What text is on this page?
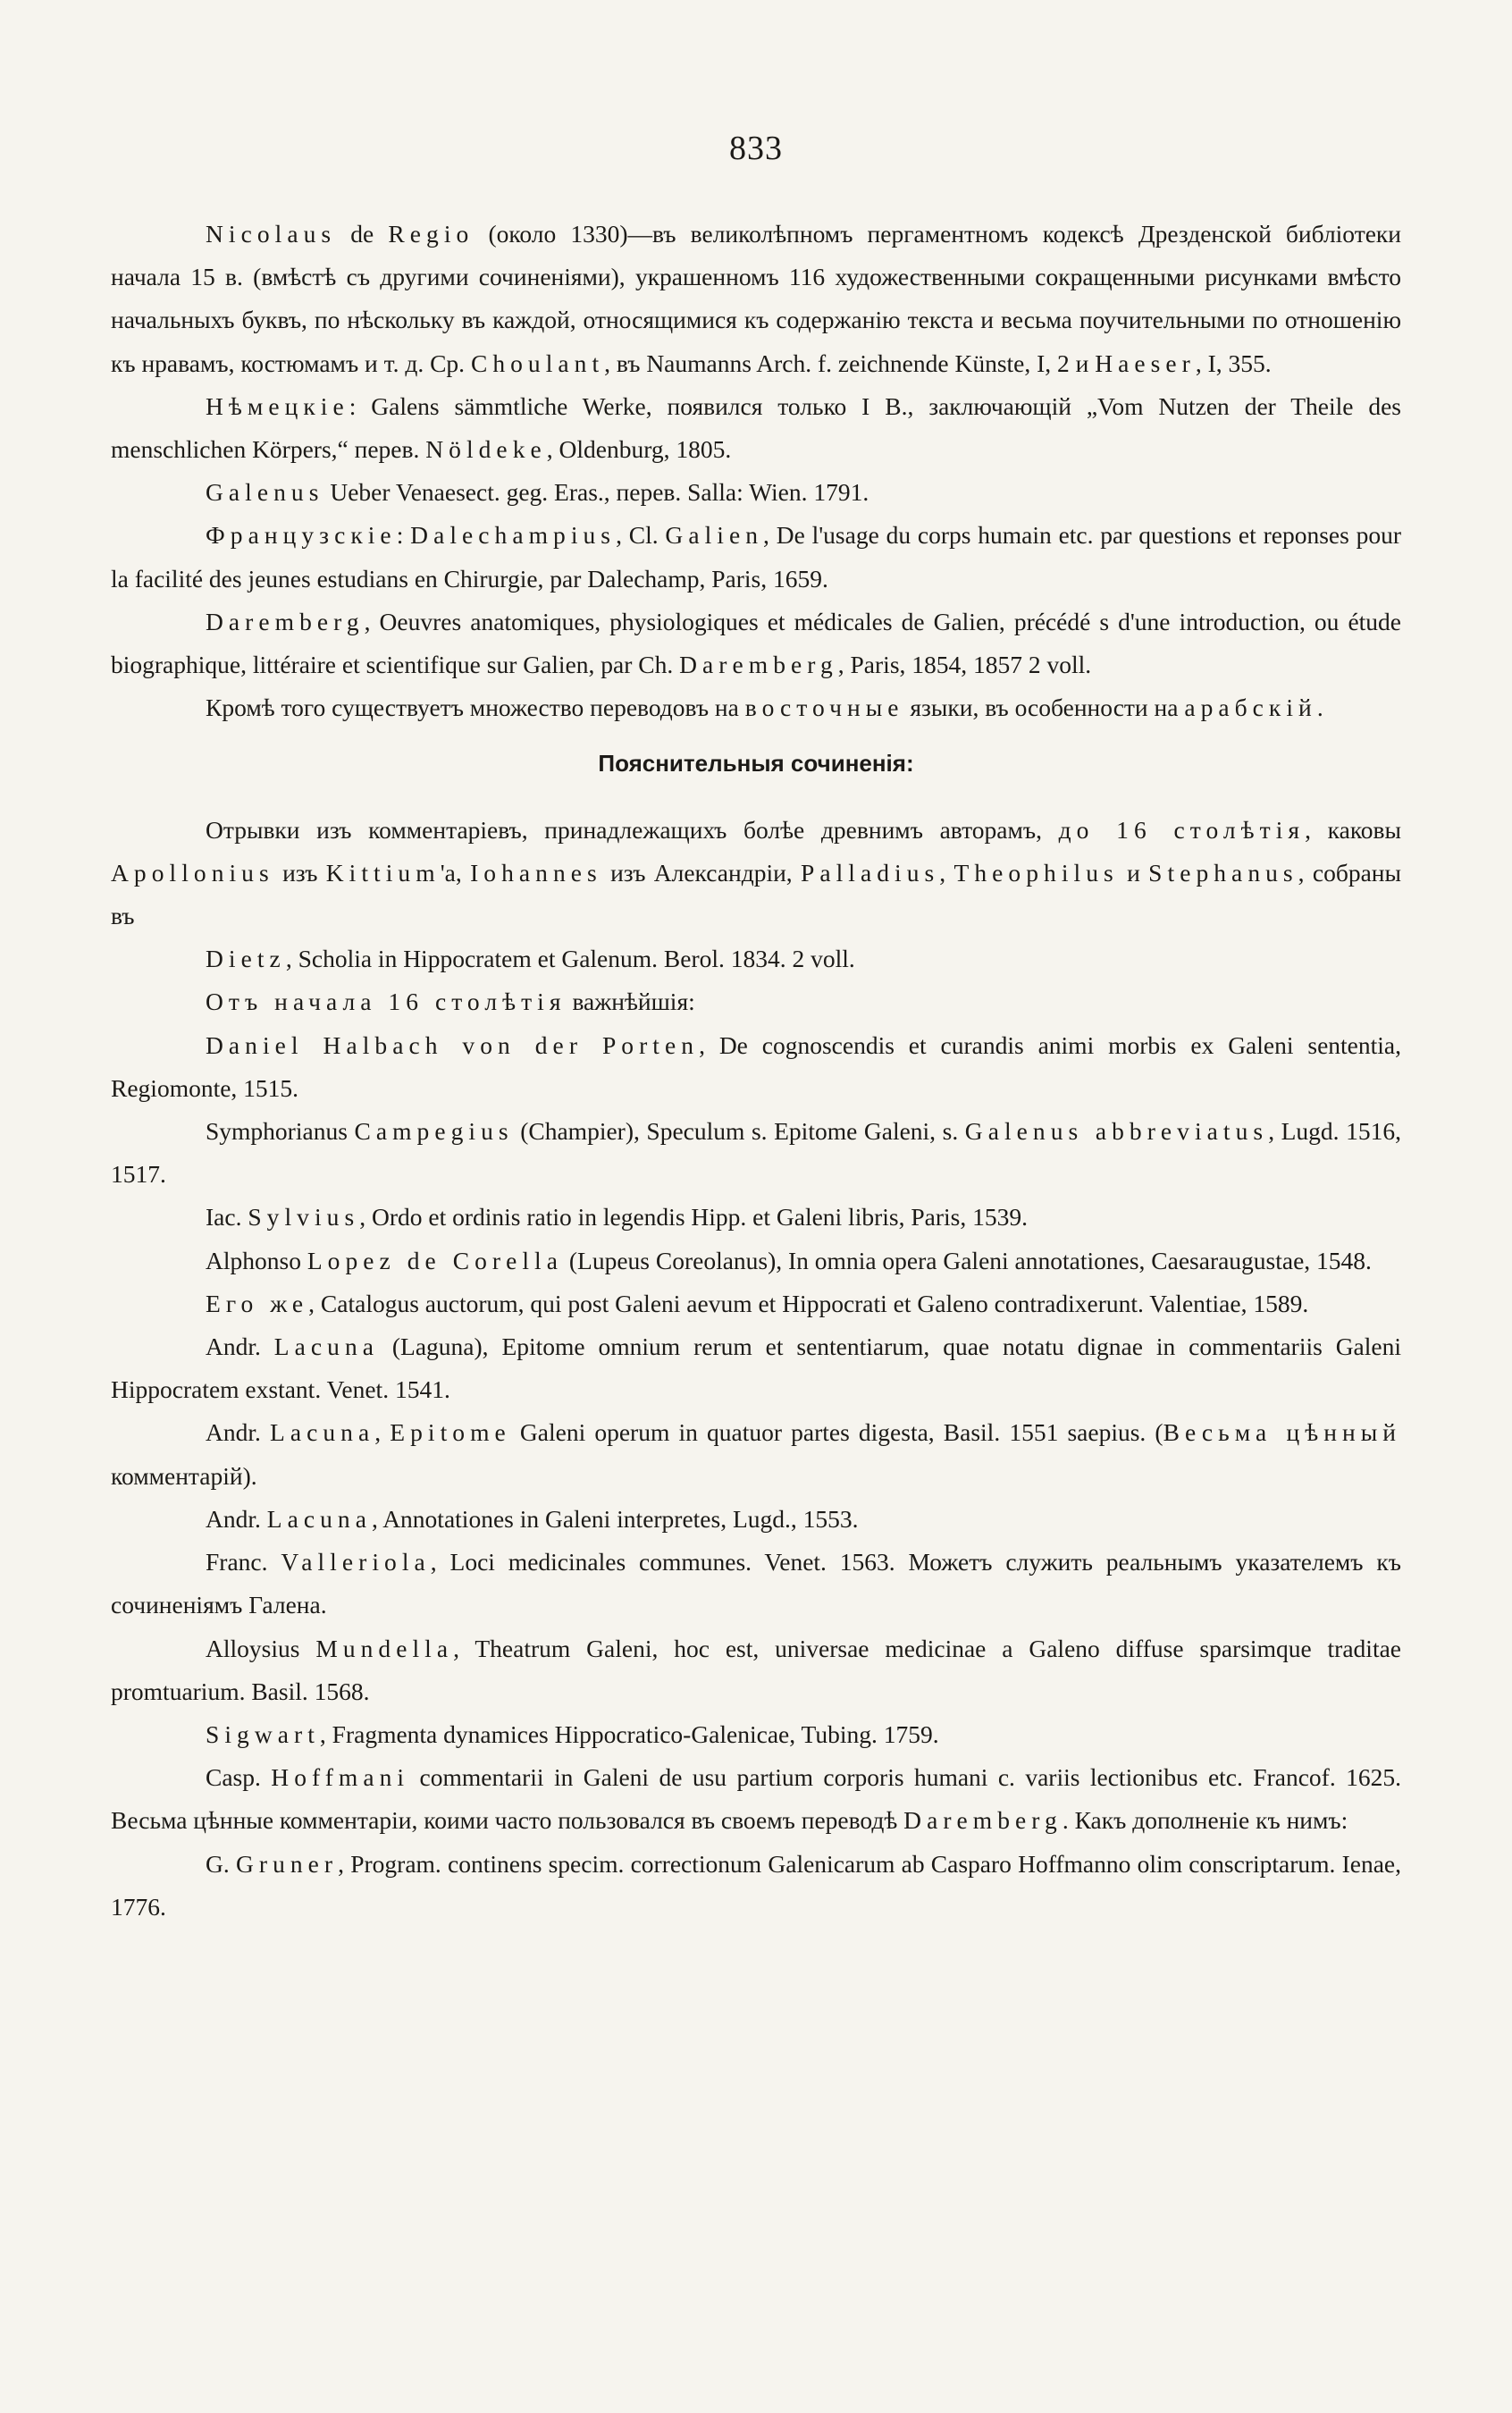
833

Nicolaus de Regio (около 1330)—въ великолѣпномъ пергаментномъ кодексѣ Дрезденской библіотеки начала 15 в. (вмѣстѣ съ другими сочиненіями), украшенномъ 116 художественными сокращенными рисунками вмѣсто начальныхъ буквъ, по нѣскольку въ каждой, относящимися къ содержанію текста и весьма поучительными по отношенію къ нравамъ, костюмамъ и т. д. Ср. Choulant, въ Naumanns Arch. f. zeichnende Künste, I, 2 и Haeser, I, 355.

Нѣмецкіе: Galens sämmtliche Werke, появился только I B., заключающій „Vom Nutzen der Theile des menschlichen Körpers,“ перев. Nöldeke, Oldenburg, 1805.

Galenus Ueber Venaesect. geg. Eras., перев. Salla: Wien. 1791.

Французскіе: Dalechampius, Cl. Galien, De l'usage du corps humain etc. par questions et reponses pour la facilité des jeunes estudians en Chirurgie, par Dalechamp, Paris, 1659.

Daremberg, Oeuvres anatomiques, physiologiques et médicales de Galien, précédé s d'une introduction, ou étude biographique, littéraire et scientifique sur Galien, par Ch. Daremberg, Paris, 1854, 1857 2 voll.

Кромѣ того существуетъ множество переводовъ на восточные языки, въ особенности на арабскій.

Пояснительныя сочиненія:

Отрывки изъ комментаріевъ, принадлежащихъ болѣе древнимъ авторамъ, до 16 столѣтія, каковы Apollonius изъ Kittium'а, Iohannes изъ Александріи, Palladius, Theophilus и Stephanus, собраны въ

Dietz, Scholia in Hippocratem et Galenum. Berol. 1834. 2 voll.

Отъ начала 16 столѣтія важнѣйшія:

Daniel Halbach von der Porten, De cognoscendis et curandis animi morbis ex Galeni sententia, Regiomonte, 1515.

Symphorianus Campegius (Champier), Speculum s. Epitome Galeni, s. Galenus abbreviatus, Lugd. 1516, 1517.

Iac. Sylvius, Ordo et ordinis ratio in legendis Hipp. et Galeni libris, Paris, 1539.

Alphonso Lopez de Corella (Lupeus Coreolanus), In omnia opera Galeni annotationes, Caesaraugustae, 1548.

Его же, Catalogus auctorum, qui post Galeni aevum et Hippocrati et Galeno contradixerunt. Valentiae, 1589.

Andr. Lacuna (Laguna), Epitome omnium rerum et sententiarum, quae notatu dignae in commentariis Galeni Hippocratem exstant. Venet. 1541.

Andr. Lacuna, Epitome Galeni operum in quatuor partes digesta, Basil. 1551 saepius. (Весьма цѣнный комментарій).

Andr. Lacuna, Annotationes in Galeni interpretes, Lugd., 1553.

Franc. Valleriola, Loci medicinales communes. Venet. 1563. Можетъ служить реальнымъ указателемъ къ сочиненіямъ Галена.

Alloysius Mundella, Theatrum Galeni, hoc est, universae medicinae a Galeno diffuse sparsimque traditae promtuarium. Basil. 1568.

Sigwart, Fragmenta dynamices Hippocratico-Galenicae, Tubing. 1759.

Casp. Hoffmani commentarii in Galeni de usu partium corporis humani c. variis lectionibus etc. Francof. 1625. Весьма цѣнные комментаріи, коими часто пользовался въ своемъ переводѣ Daremberg. Какъ дополненіе къ нимъ:

G. Gruner, Program. continens specim. correctionum Galenicarum ab Casparo Hoffmanno olim conscriptarum. Ienae, 1776.
